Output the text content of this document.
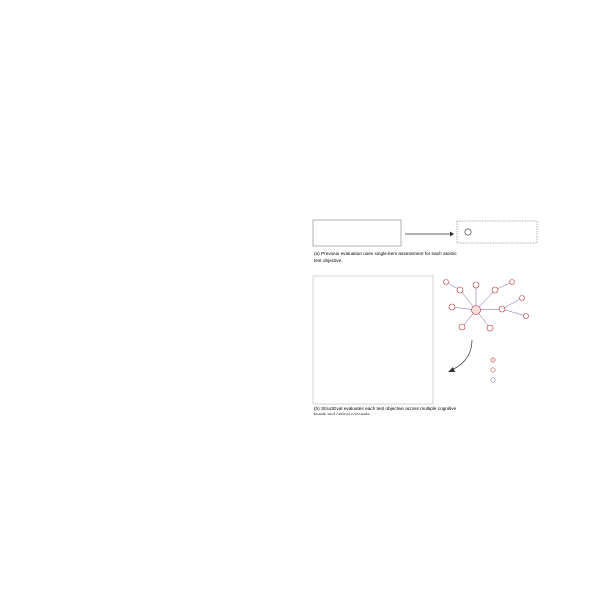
(a) Previous evaluation uses single-item assessment for each atomic
test objective.
(b) StructEval evaluates each test objective across multiple cognitive
levels and critical concepts.
